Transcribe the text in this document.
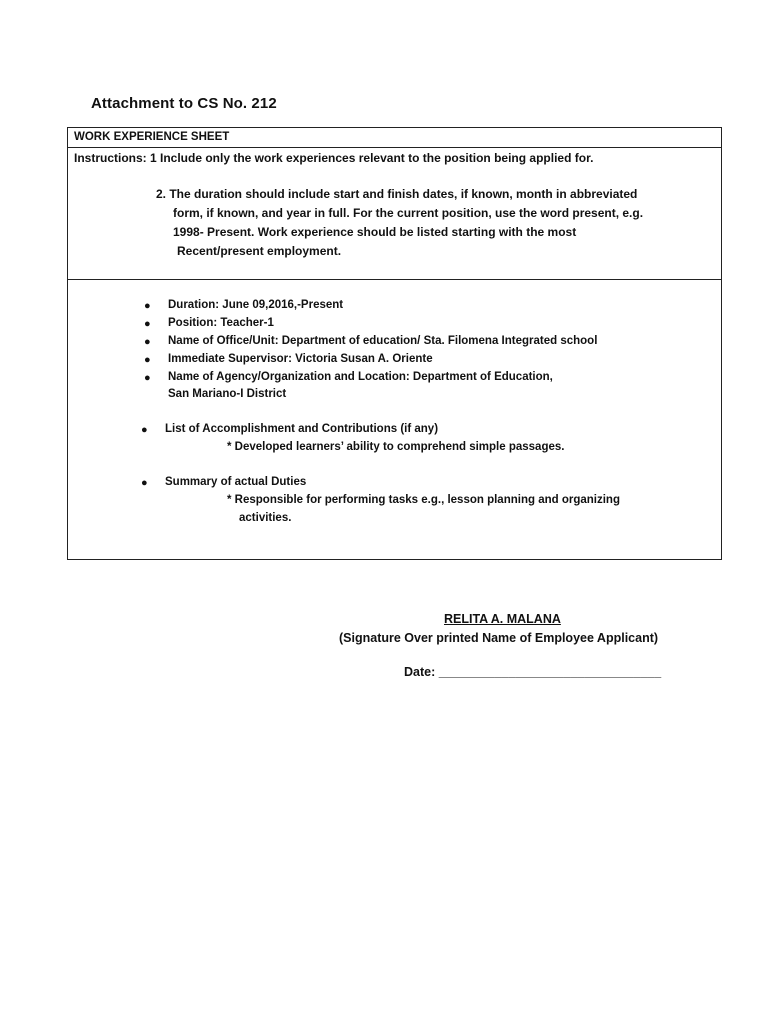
Attachment to CS No. 212
WORK EXPERIENCE SHEET
Instructions: 1 Include only the work experiences relevant to the position being applied for.
2. The duration should include start and finish dates, if known, month in abbreviated
form, if known, and year in full. For the current position, use the word present, e.g.
1998- Present. Work experience should be listed starting with the most
Recent/present employment.
● Duration: June 09,2016,-Present
● Position: Teacher-1
● Name of Office/Unit: Department of education/ Sta. Filomena Integrated school
● Immediate Supervisor: Victoria Susan A. Oriente
● Name of Agency/Organization and Location: Department of Education,
San Mariano-I District
● List of Accomplishment and Contributions (if any)
* Developed learners’ ability to comprehend simple passages.
● Summary of actual Duties
* Responsible for performing tasks e.g., lesson planning and organizing
activities.
RELITA A. MALANA
(Signature Over printed Name of Employee Applicant)
Date: ________________________________
